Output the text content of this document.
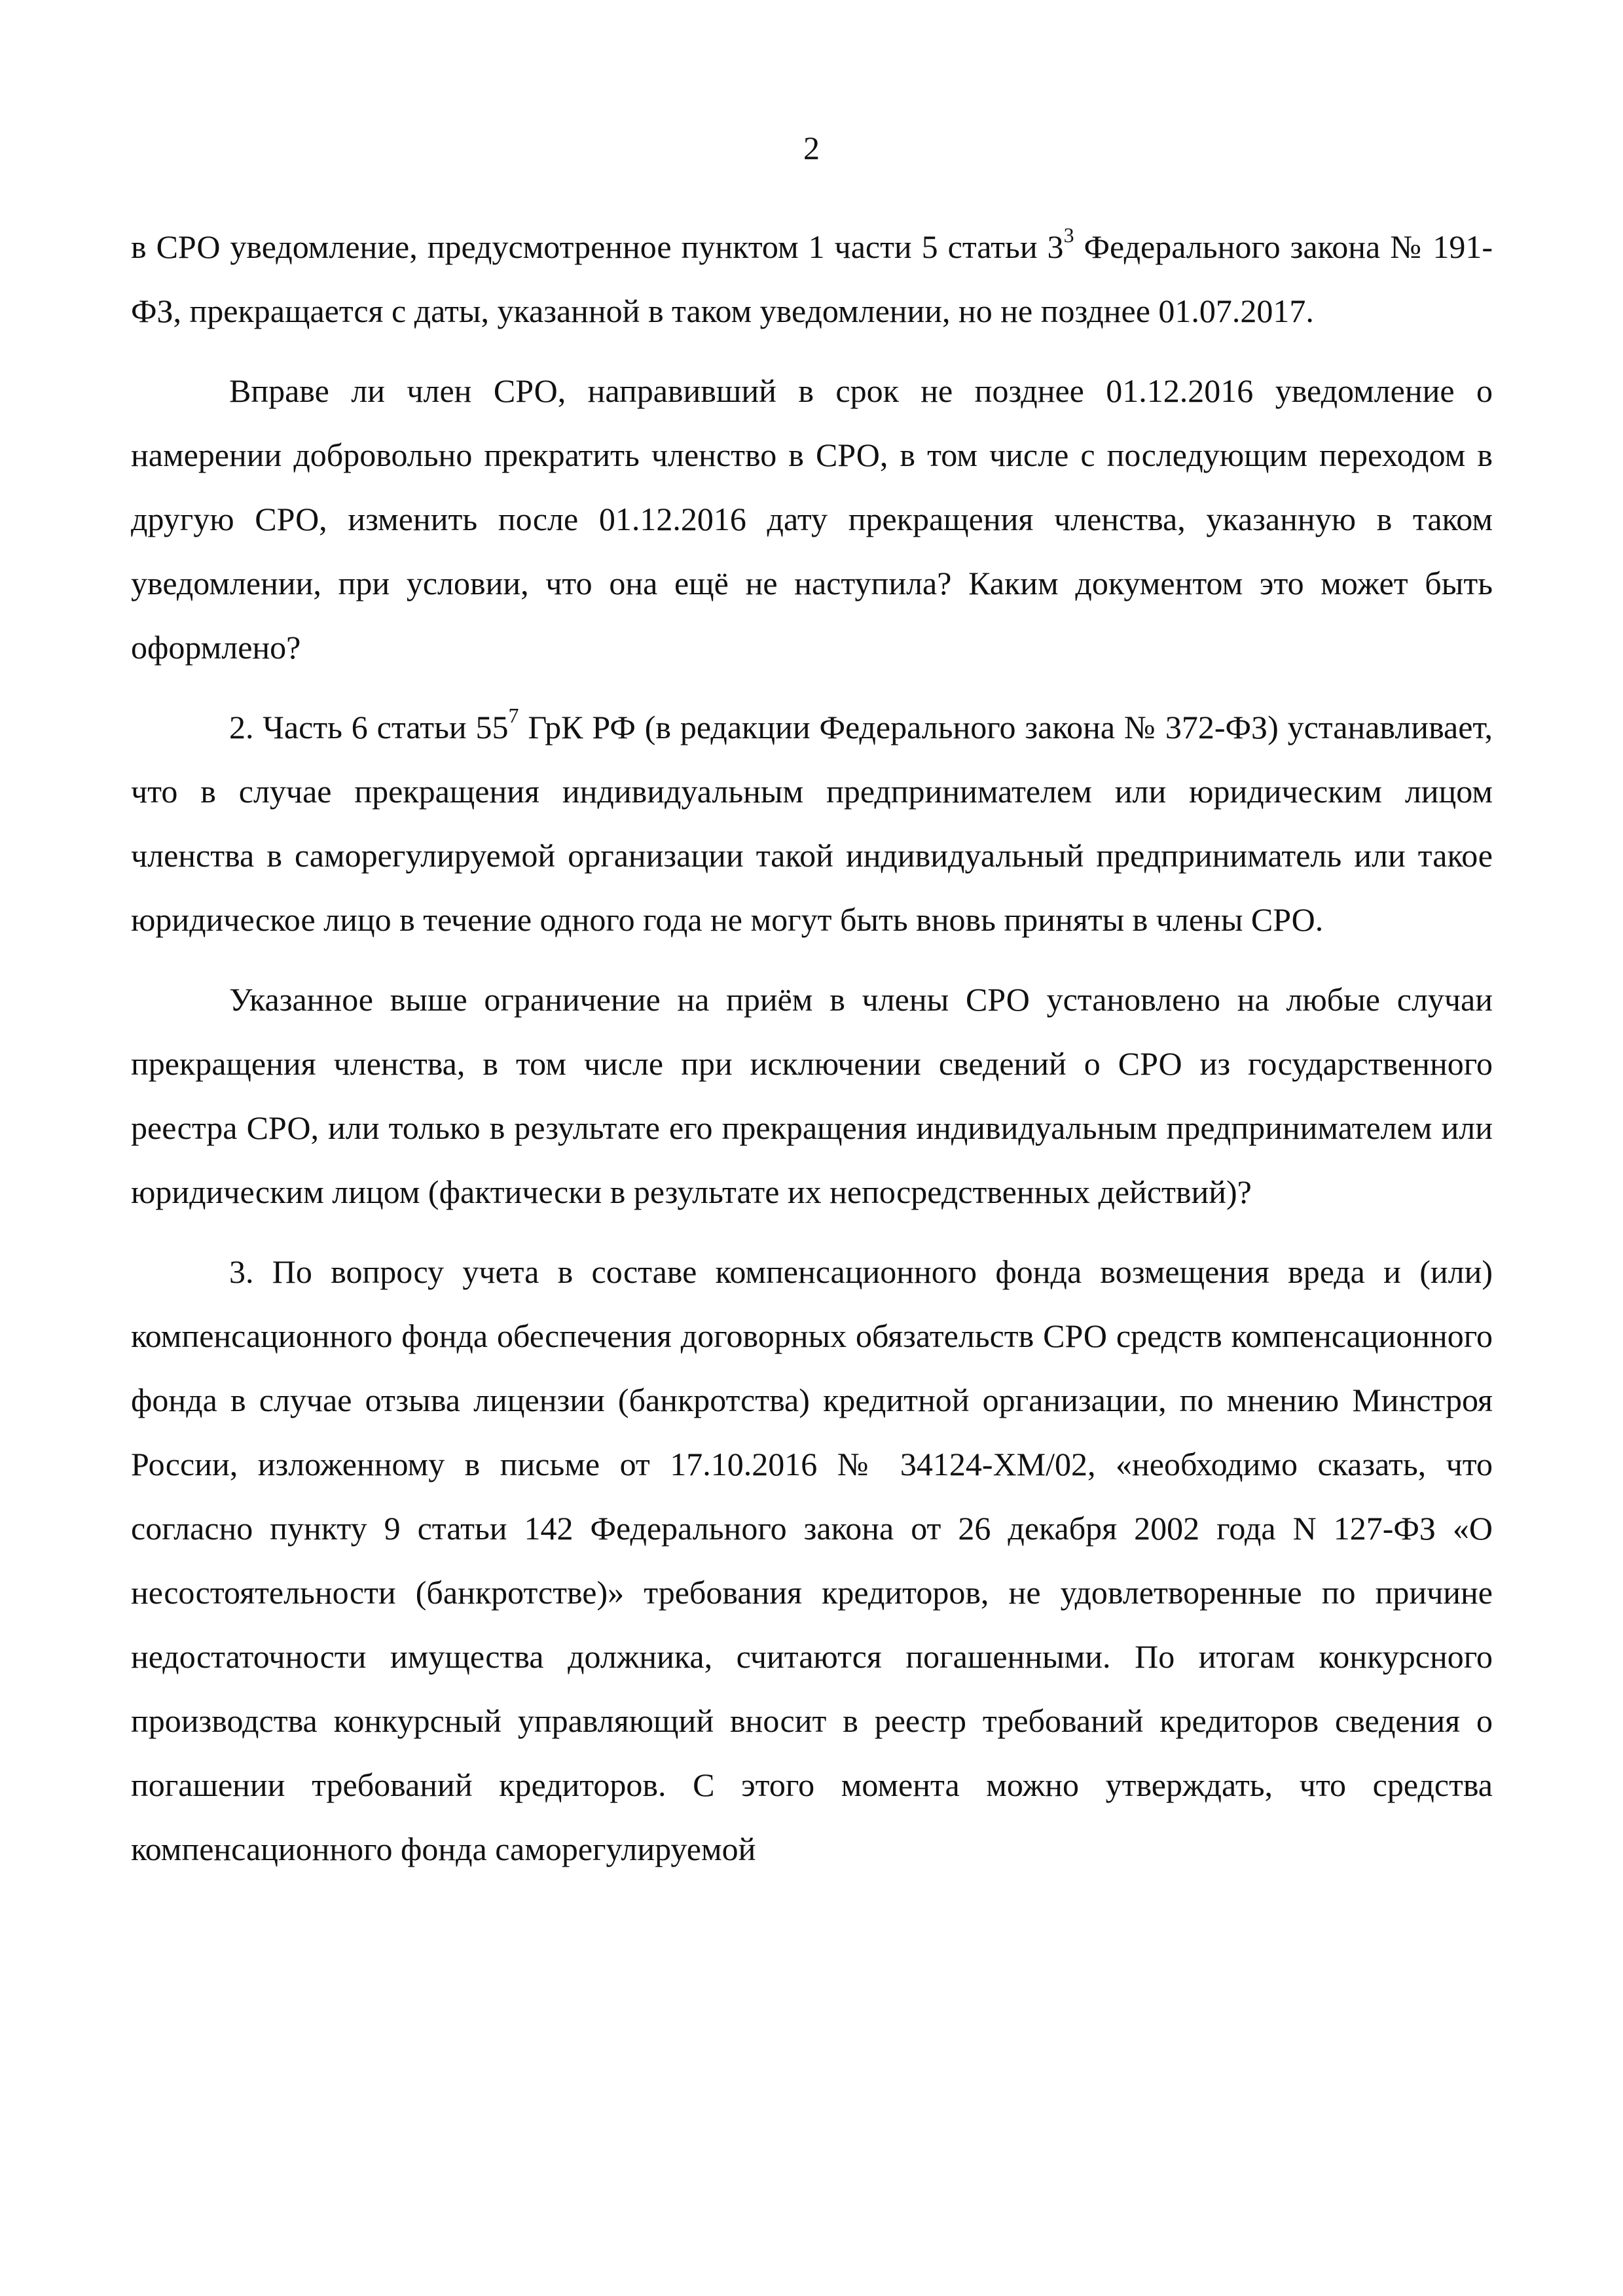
2

в СРО уведомление, предусмотренное пунктом 1 части 5 статьи $3^3$ Федерального закона № 191-ФЗ, прекращается с даты, указанной в таком уведомлении, но не позднее 01.07.2017.

Вправе ли член СРО, направивший в срок не позднее 01.12.2016 уведомление о намерении добровольно прекратить членство в СРО, в том числе с последующим переходом в другую СРО, изменить после 01.12.2016 дату прекращения членства, указанную в таком уведомлении, при условии, что она ещё не наступила? Каким документом это может быть оформлено?

2. Часть 6 статьи $55^7$ ГрК РФ (в редакции Федерального закона № 372-ФЗ) устанавливает, что в случае прекращения индивидуальным предпринимателем или юридическим лицом членства в саморегулируемой организации такой индивидуальный предприниматель или такое юридическое лицо в течение одного года не могут быть вновь приняты в члены СРО.

Указанное выше ограничение на приём в члены СРО установлено на любые случаи прекращения членства, в том числе при исключении сведений о СРО из государственного реестра СРО, или только в результате его прекращения индивидуальным предпринимателем или юридическим лицом (фактически в результате их непосредственных действий)?

3. По вопросу учета в составе компенсационного фонда возмещения вреда и (или) компенсационного фонда обеспечения договорных обязательств СРО средств компенсационного фонда в случае отзыва лицензии (банкротства) кредитной организации, по мнению Минстроя России, изложенному в письме от 17.10.2016 № 34124-ХМ/02, «необходимо сказать, что согласно пункту 9 статьи 142 Федерального закона от 26 декабря 2002 года N 127-ФЗ «О несостоятельности (банкротстве)» требования кредиторов, не удовлетворенные по причине недостаточности имущества должника, считаются погашенными. По итогам конкурсного производства конкурсный управляющий вносит в реестр требований кредиторов сведения о погашении требований кредиторов. С этого момента можно утверждать, что средства компенсационного фонда саморегулируемой
